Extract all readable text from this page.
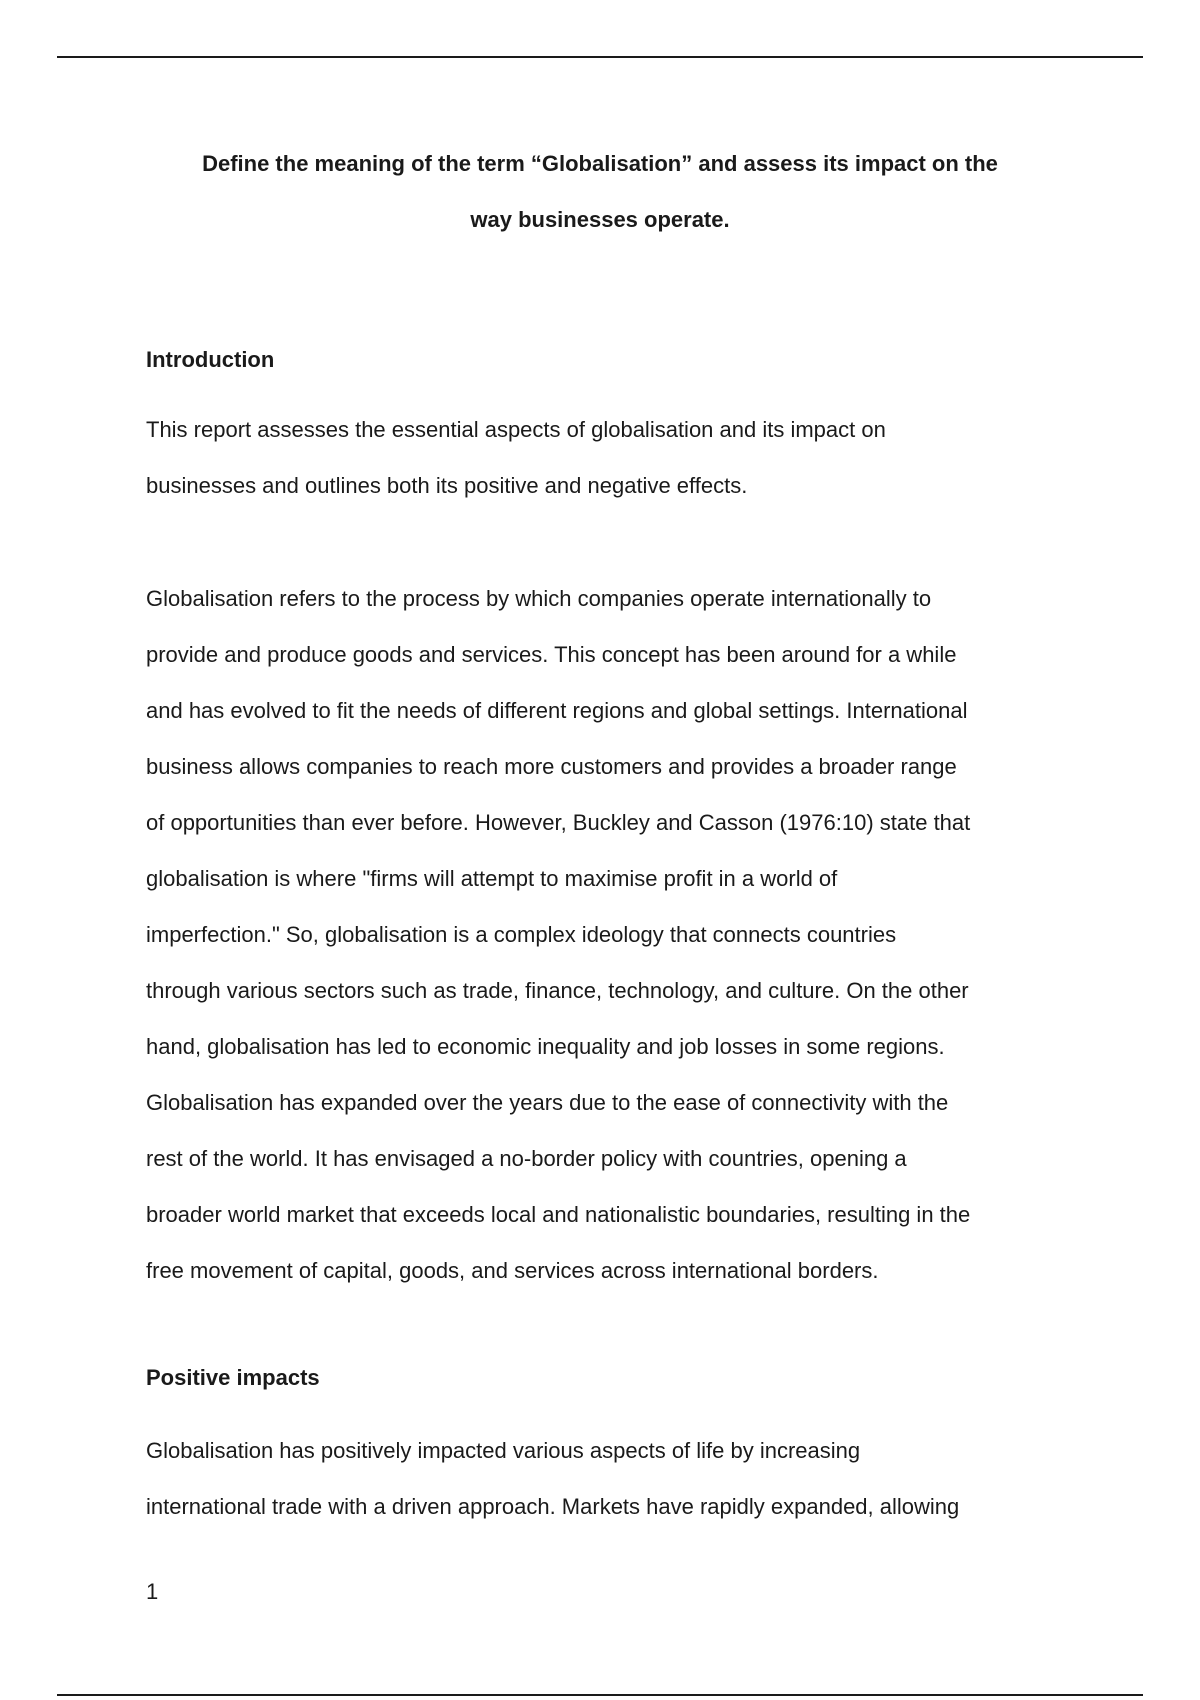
Define the meaning of the term “Globalisation” and assess its impact on the
way businesses operate.
Introduction

This report assesses the essential aspects of globalisation and its impact on
businesses and outlines both its positive and negative effects.

Globalisation refers to the process by which companies operate internationally to
provide and produce goods and services. This concept has been around for a while
and has evolved to fit the needs of different regions and global settings. International
business allows companies to reach more customers and provides a broader range
of opportunities than ever before. However, Buckley and Casson (1976:10) state that
globalisation is where "firms will attempt to maximise profit in a world of
imperfection." So, globalisation is a complex ideology that connects countries
through various sectors such as trade, finance, technology, and culture. On the other
hand, globalisation has led to economic inequality and job losses in some regions.
Globalisation has expanded over the years due to the ease of connectivity with the
rest of the world. It has envisaged a no-border policy with countries, opening a
broader world market that exceeds local and nationalistic boundaries, resulting in the
free movement of capital, goods, and services across international borders.

Positive impacts

Globalisation has positively impacted various aspects of life by increasing
international trade with a driven approach. Markets have rapidly expanded, allowing

1
